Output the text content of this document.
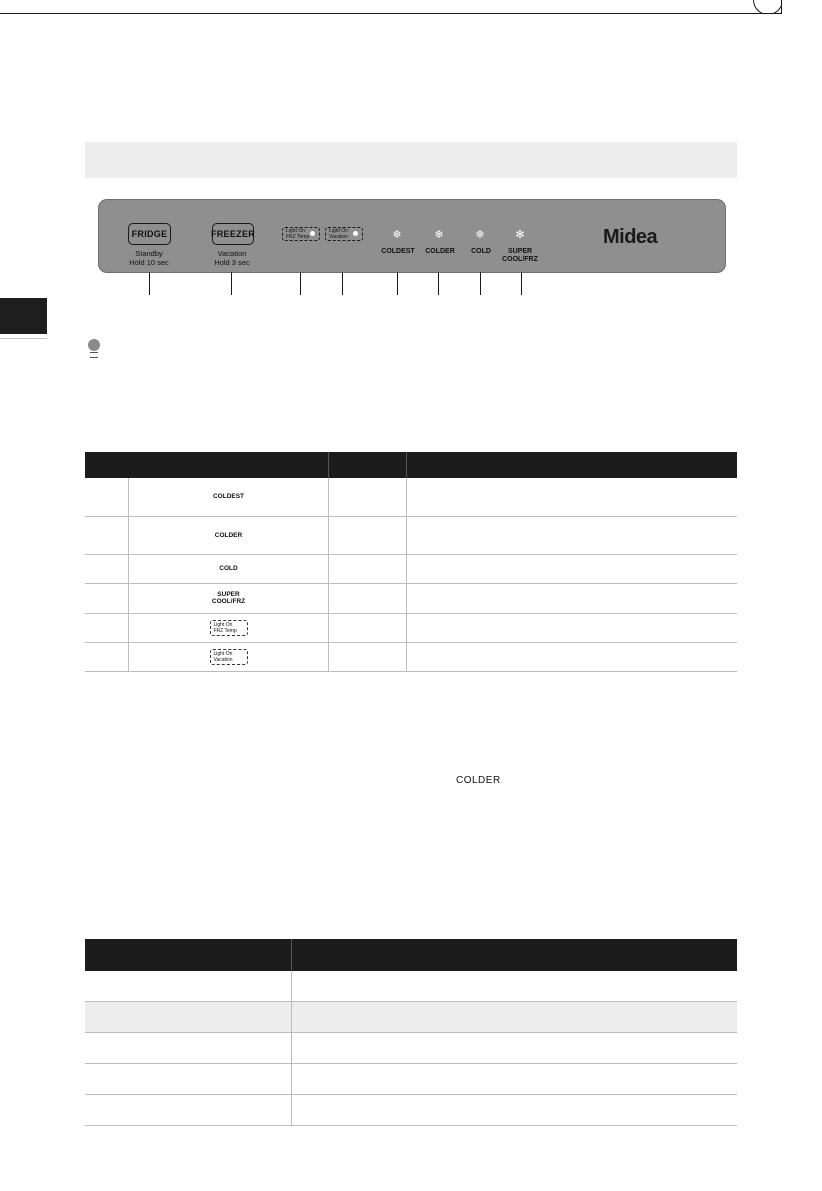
FRIDGE
Standby
Hold 10 sec
FREEZER
Vacation
Hold 3 sec
Light On
FRZ Temp
Light On
Vacation	❄
COLDEST
❄
COLDER
❄
COLD
✻
SUPER
COOL/FRZ
Midea

	COLDEST		
	COLDER		
	COLD		

	SUPER
COOL/FRZ		

	Light On
FRZ Temp		

	Light On
Vacation		

COLDER
